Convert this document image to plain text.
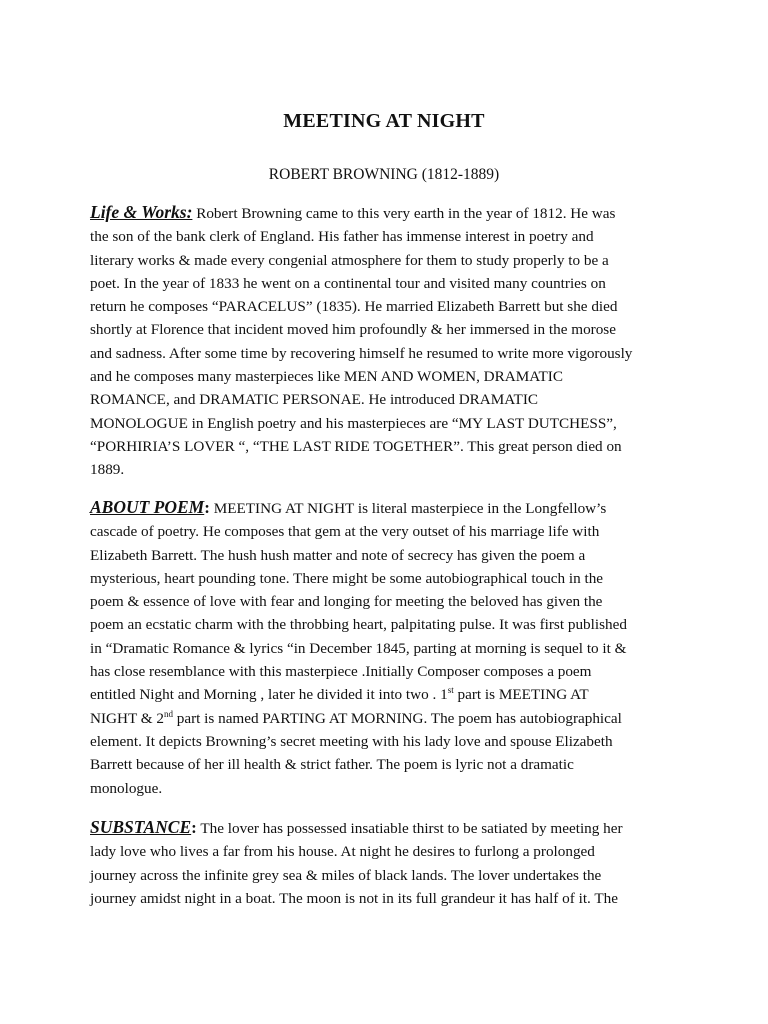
MEETING AT NIGHT
ROBERT BROWNING (1812-1889)
Life & Works: Robert Browning came to this very earth in the year of 1812. He was
the son of the bank clerk of England. His father has immense interest in poetry and
literary works & made every congenial atmosphere for them to study properly to be a
poet. In the year of 1833 he went on a continental tour and visited many countries on
return he composes “PARACELUS” (1835). He married Elizabeth Barrett but she died
shortly at Florence that incident moved him profoundly & her immersed in the morose
and sadness. After some time by recovering himself he resumed to write more vigorously
and he composes many masterpieces like MEN AND WOMEN, DRAMATIC
ROMANCE, and DRAMATIC PERSONAE. He introduced DRAMATIC
MONOLOGUE in English poetry and his masterpieces are “MY LAST DUTCHESS”,
“PORHIRIA’S LOVER “, “THE LAST RIDE TOGETHER”. This great person died on
1889.
ABOUT POEM: MEETING AT NIGHT is literal masterpiece in the Longfellow’s
cascade of poetry. He composes that gem at the very outset of his marriage life with
Elizabeth Barrett. The hush hush matter and note of secrecy has given the poem a
mysterious, heart pounding tone. There might be some autobiographical touch in the
poem & essence of love with fear and longing for meeting the beloved has given the
poem an ecstatic charm with the throbbing heart, palpitating pulse. It was first published
in “Dramatic Romance & lyrics “in December 1845, parting at morning is sequel to it &
has close resemblance with this masterpiece .Initially Composer composes a poem
entitled Night and Morning , later he divided it into two . 1st part is MEETING AT
NIGHT & 2nd part is named PARTING AT MORNING. The poem has autobiographical
element. It depicts Browning’s secret meeting with his lady love and spouse Elizabeth
Barrett because of her ill health & strict father. The poem is lyric not a dramatic
monologue.
SUBSTANCE: The lover has possessed insatiable thirst to be satiated by meeting her
lady love who lives a far from his house. At night he desires to furlong a prolonged
journey across the infinite grey sea & miles of black lands. The lover undertakes the
journey amidst night in a boat. The moon is not in its full grandeur it has half of it. The
